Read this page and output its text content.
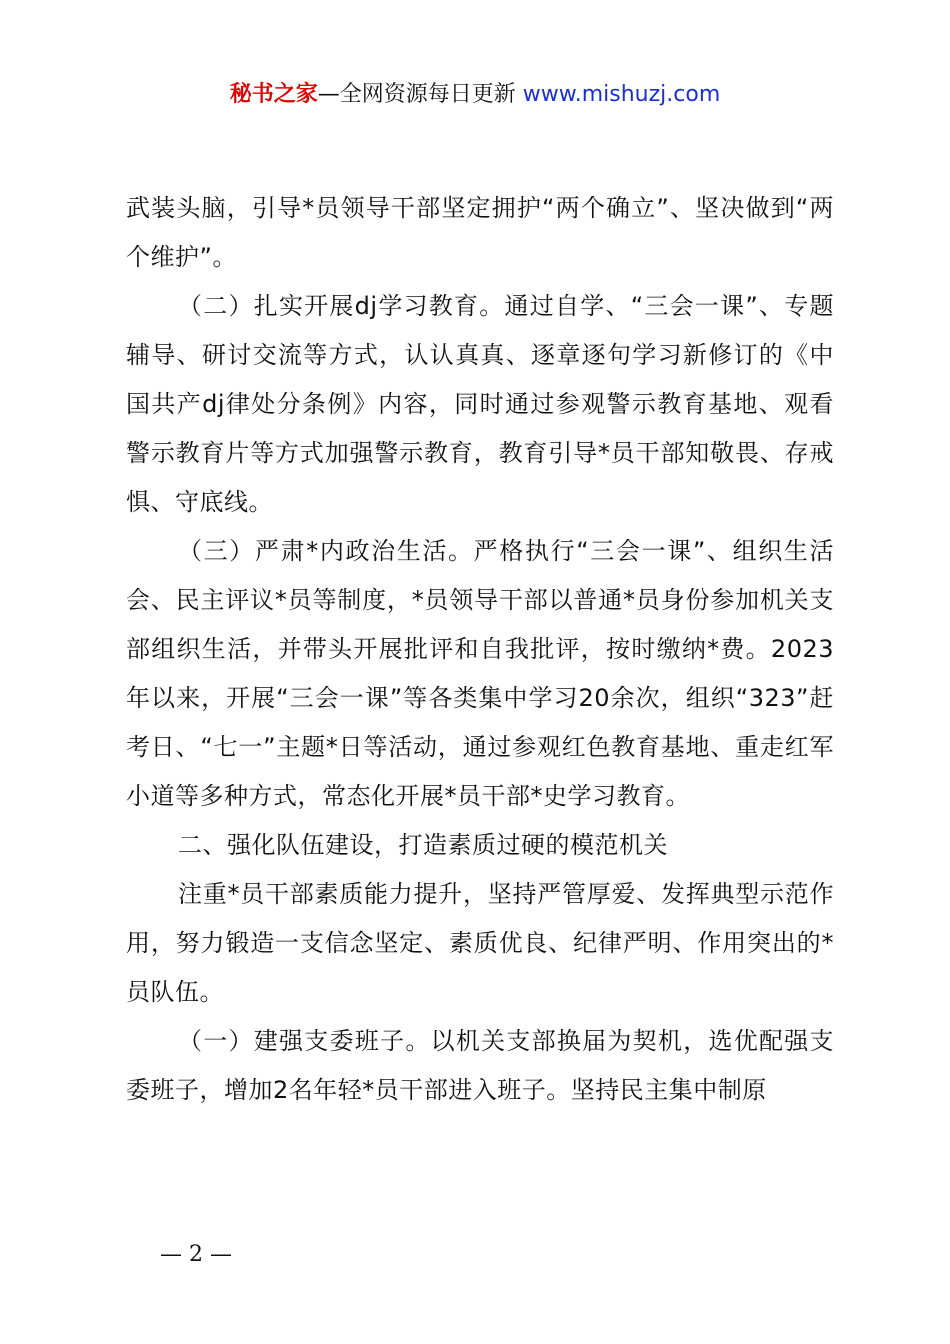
秘书之家—全网资源每日更新 www.mishuzj.com

武装头脑，引导*员领导干部坚定拥护“两个确立”、坚决做到“两个维护”。

（二）扎实开展dj学习教育。通过自学、“三会一课”、专题辅导、研讨交流等方式，认认真真、逐章逐句学习新修订的《中国共产dj律处分条例》内容，同时通过参观警示教育基地、观看警示教育片等方式加强警示教育，教育引导*员干部知敬畏、存戒惧、守底线。

（三）严肃*内政治生活。严格执行“三会一课”、组织生活会、民主评议*员等制度，*员领导干部以普通*员身份参加机关支部组织生活，并带头开展批评和自我批评，按时缴纳*费。2023年以来，开展“三会一课”等各类集中学习20余次，组织“323”赶考日、“七一”主题*日等活动，通过参观红色教育基地、重走红军小道等多种方式，常态化开展*员干部*史学习教育。

二、强化队伍建设，打造素质过硬的模范机关

注重*员干部素质能力提升，坚持严管厚爱、发挥典型示范作用，努力锻造一支信念坚定、素质优良、纪律严明、作用突出的*员队伍。

（一）建强支委班子。以机关支部换届为契机，选优配强支委班子，增加2名年轻*员干部进入班子。坚持民主集中制原

— 2 —
